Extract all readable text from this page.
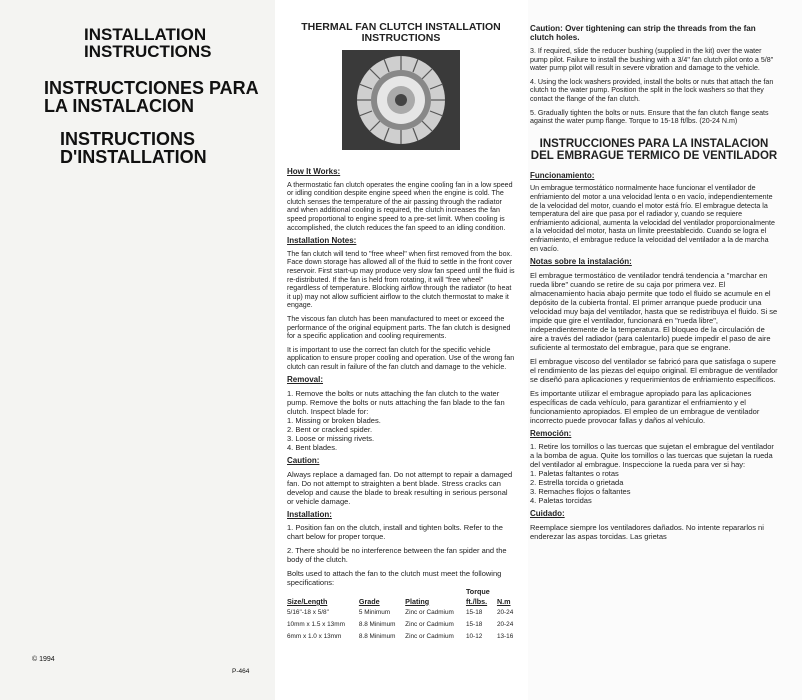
INSTALLATION INSTRUCTIONS
INSTRUCTCIONES PARA LA INSTALACION
INSTRUCTIONS D'INSTALLATION
© 1994
P-464
THERMAL FAN CLUTCH INSTALLATION INSTRUCTIONS
How It Works:

A thermostatic fan clutch operates the engine cooling fan in a low speed or idling condition despite engine speed when the engine is cold. The clutch senses the temperature of the air passing through the radiator and when additional cooling is required, the clutch increases the fan speed proportional to engine speed to a pre-set limit. When cooling is accomplished, the clutch reduces the fan speed to an idling condition.

Installation Notes:

The fan clutch will tend to "free wheel" when first removed from the box. Face down storage has allowed all of the fluid to settle in the front cover reservoir. First start-up may produce very slow fan speed until the fluid is re-distributed. If the fan is held from rotating, it will "free wheel" regardless of temperature. Blocking airflow through the radiator (to heat it up) may not allow sufficient airflow to the clutch thermostat to make it engage.

The viscous fan clutch has been manufactured to meet or exceed the performance of the original equipment parts. The fan clutch is designed for a specific application and cooling requirements.

It is important to use the correct fan clutch for the specific vehicle application to ensure proper cooling and operation. Use of the wrong fan clutch can result in failure of the fan clutch and damage to the vehicle.

Removal:
1. Remove the bolts or nuts attaching the fan clutch to the water pump. Remove the bolts or nuts attaching the fan blade to the fan clutch. Inspect blade for:
1. Missing or broken blades.
2. Bent or cracked spider.
3. Loose or missing rivets.
4. Bent blades.
Caution:

Always replace a damaged fan. Do not attempt to repair a damaged fan. Do not attempt to straighten a bent blade. Stress cracks can develop and cause the blade to break resulting in serious personal or vehicle damage.

Installation:

1. Position fan on the clutch, install and tighten bolts. Refer to the chart below for proper torque.

2. There should be no interference between the fan spider and the body of the clutch.

Bolts used to attach the fan to the clutch must meet the following specifications:

			Torque	
Size/Length	Grade	Plating	ft./lbs.	N.m
5/16"-18 x 5/8"	5 Minimum	Zinc or Cadmium	15-18	20-24
10mm x 1.5 x 13mm	8.8 Minimum	Zinc or Cadmium	15-18	20-24
6mm x 1.0 x 13mm	8.8 Minimum	Zinc or Cadmium	10-12	13-16
Caution: Over tightening can strip the threads from the fan clutch holes.

3. If required, slide the reducer bushing (supplied in the kit) over the water pump pilot. Failure to install the bushing with a 3/4" fan clutch pilot onto a 5/8" water pump pilot will result in severe vibration and damage to the vehicle.

4. Using the lock washers provided, install the bolts or nuts that attach the fan clutch to the water pump. Position the split in the lock washers so that they contact the flange of the fan clutch.

5. Gradually tighten the bolts or nuts. Ensure that the fan clutch flange seats against the water pump flange. Torque to 15-18 ft/lbs. (20-24 N.m)

INSTRUCCIONES PARA LA INSTALACION DEL EMBRAGUE TERMICO DE VENTILADOR
Funcionamiento:

Un embrague termostático normalmente hace funcionar el ventilador de enfriamiento del motor a una velocidad lenta o en vacío, independientemente de la velocidad del motor, cuando el motor está frío. El embrague detecta la temperatura del aire que pasa por el radiador y, cuando se requiere enfriamiento adicional, aumenta la velocidad del ventilador proporcionalmente a la velocidad del motor, hasta un límite preestablecido. Cuando se logra el enfriamiento, el embrague reduce la velocidad del ventilador a la de marcha en vacío.

Notas sobre la instalación:

El embrague termostático de ventilador tendrá tendencia a "marchar en rueda libre" cuando se retire de su caja por primera vez. El almacenamiento hacia abajo permite que todo el fluido se acumule en el depósito de la cubierta frontal. El primer arranque puede producir una velocidad muy baja del ventilador, hasta que se redistribuya el fluido. Si se impide que gire el ventilador, funcionará en "rueda libre", independientemente de la temperatura. El bloqueo de la circulación de aire a través del radiador (para calentarlo) puede impedir el paso de aire suficiente al termostato del embrague, para que se engrane.

El embrague viscoso del ventilador se fabricó para que satisfaga o supere el rendimiento de las piezas del equipo original. El embrague de ventilador se diseñó para aplicaciones y requerimientos de enfriamiento específicos.

Es importante utilizar el embrague apropiado para las aplicaciones específicas de cada vehículo, para garantizar el enfriamiento y el funcionamiento apropiados. El empleo de un embrague de ventilador incorrecto puede provocar fallas y daños al vehículo.

Remoción:
1. Retire los tornillos o las tuercas que sujetan el embrague del ventilador a la bomba de agua. Quite los tornillos o las tuercas que sujetan la rueda del ventilador al embrague. Inspeccione la rueda para ver si hay:
1. Paletas faltantes o rotas
2. Estrella torcida o grietada
3. Remaches flojos o faltantes
4. Paletas torcidas
Cuidado:

Reemplace siempre los ventiladores dañados. No intente repararlos ni enderezar las aspas torcidas. Las grietas
